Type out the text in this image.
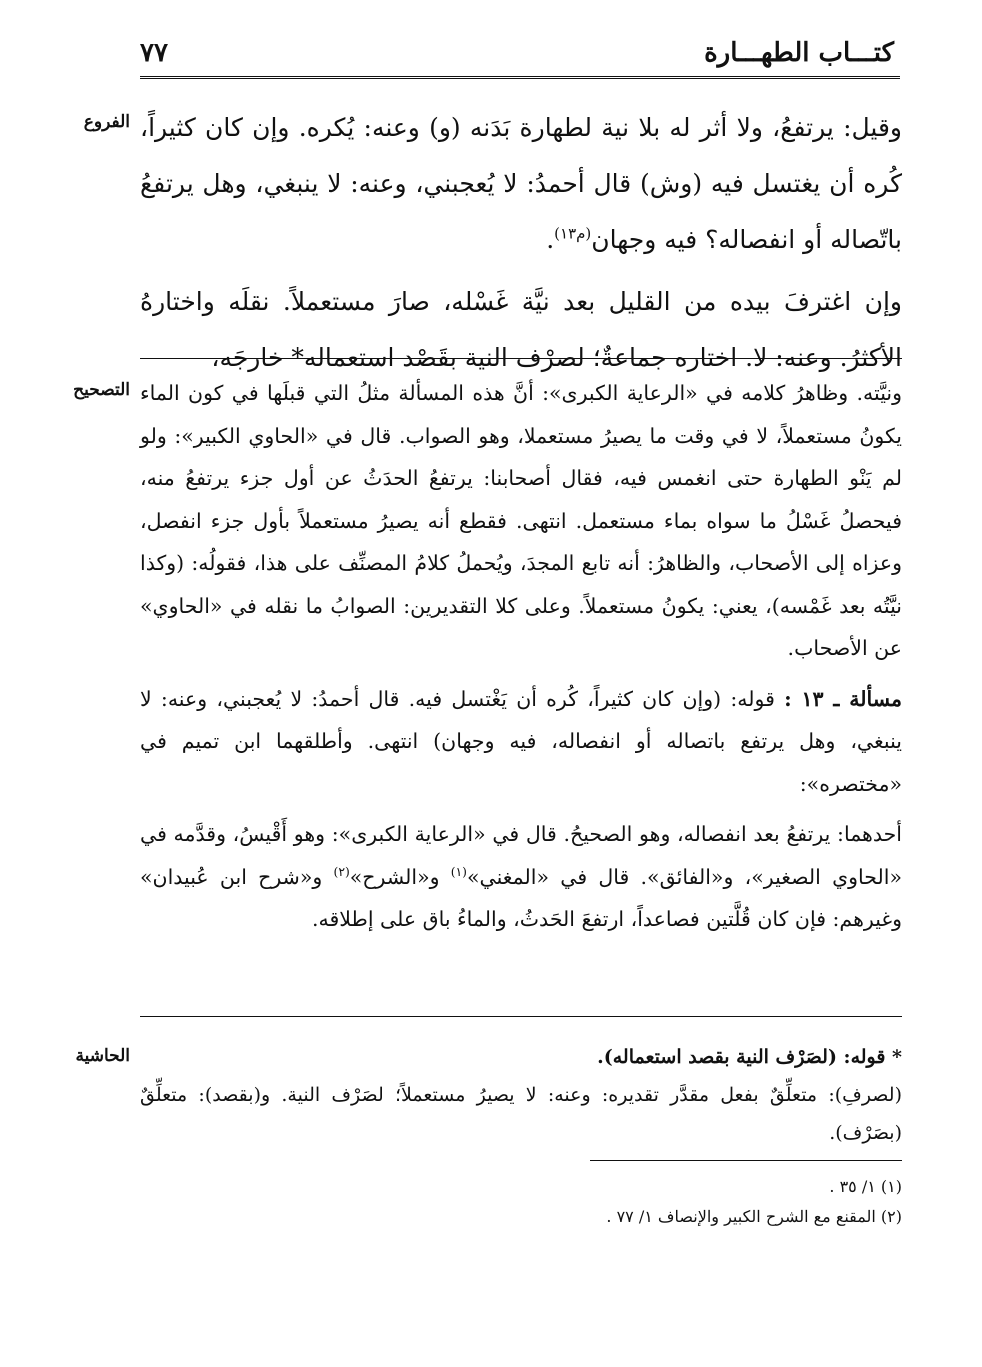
كتـــاب الطهـــارة
٧٧
الفروع
التصحيح
الحاشية

وقيل: يرتفعُ، ولا أثر له بلا نية لطهارة بَدَنه (و) وعنه: يُكره. وإن كان كثيراً، كُره أن يغتسل فيه (وش) قال أحمدُ: لا يُعجبني، وعنه: لا ينبغي، وهل يرتفعُ باتّصاله أو انفصاله؟ فيه وجهان$^{(م١٣)}$.

وإن اغترفَ بيده من القليل بعد نيَّة غَسْله، صارَ مستعملاً. نقلَه واختارهُ الأكثرُ. وعنه: لا. اختاره جماعةٌ؛ لصرْف النية بقَصْد استعماله* خارجَه،

ونيَّته. وظاهرُ كلامه في «الرعاية الكبرى»: أنَّ هذه المسألة مثلُ التي قبلَها في كون الماء يكونُ مستعملاً، لا في وقت ما يصيرُ مستعملا، وهو الصواب. قال في «الحاوي الكبير»: ولو لم يَنْو الطهارة حتى انغمس فيه، فقال أصحابنا: يرتفعُ الحدَثُ عن أول جزء يرتفعُ منه، فيحصلُ غَسْلُ ما سواه بماء مستعمل. انتهى. فقطع أنه يصيرُ مستعملاً بأول جزء انفصل، وعزاه إلى الأصحاب، والظاهرُ: أنه تابع المجدَ، ويُحملُ كلامُ المصنِّف على هذا، فقولُه: (وكذا نيَّتُه بعد غَمْسه)، يعني: يكونُ مستعملاً. وعلى كلا التقديرين: الصوابُ ما نقله في «الحاوي» عن الأصحاب.

مسألة ـ ١٣ : قوله: (وإن كان كثيراً، كُره أن يَغْتسل فيه. قال أحمدُ: لا يُعجبني، وعنه: لا ينبغي، وهل يرتفع باتصاله أو انفصاله، فيه وجهان) انتهى. وأطلقهما ابن تميم في «مختصره»:

أحدهما: يرتفعُ بعد انفصاله، وهو الصحيحُ. قال في «الرعاية الكبرى»: وهو أَقْيسُ، وقدَّمه في «الحاوي الصغير»، و«الفائق». قال في «المغني»$^{(١)}$ و«الشرح»$^{(٢)}$ و«شرح ابن عُبيدان» وغيرهم: فإن كان قُلَّتين فصاعداً، ارتفعَ الحَدثُ، والماءُ باق على إطلاقه.

* قوله: (لصَرْف النية بقصد استعماله).

(لصرفِ): متعلِّقٌ بفعل مقدَّر تقديره: وعنه: لا يصيرُ مستعملاً؛ لصَرْف النية. و(بقصد): متعلِّقٌ (بصَرْف).

(١) ١/ ٣٥ .

(٢) المقنع مع الشرح الكبير والإنصاف ١/ ٧٧ .
